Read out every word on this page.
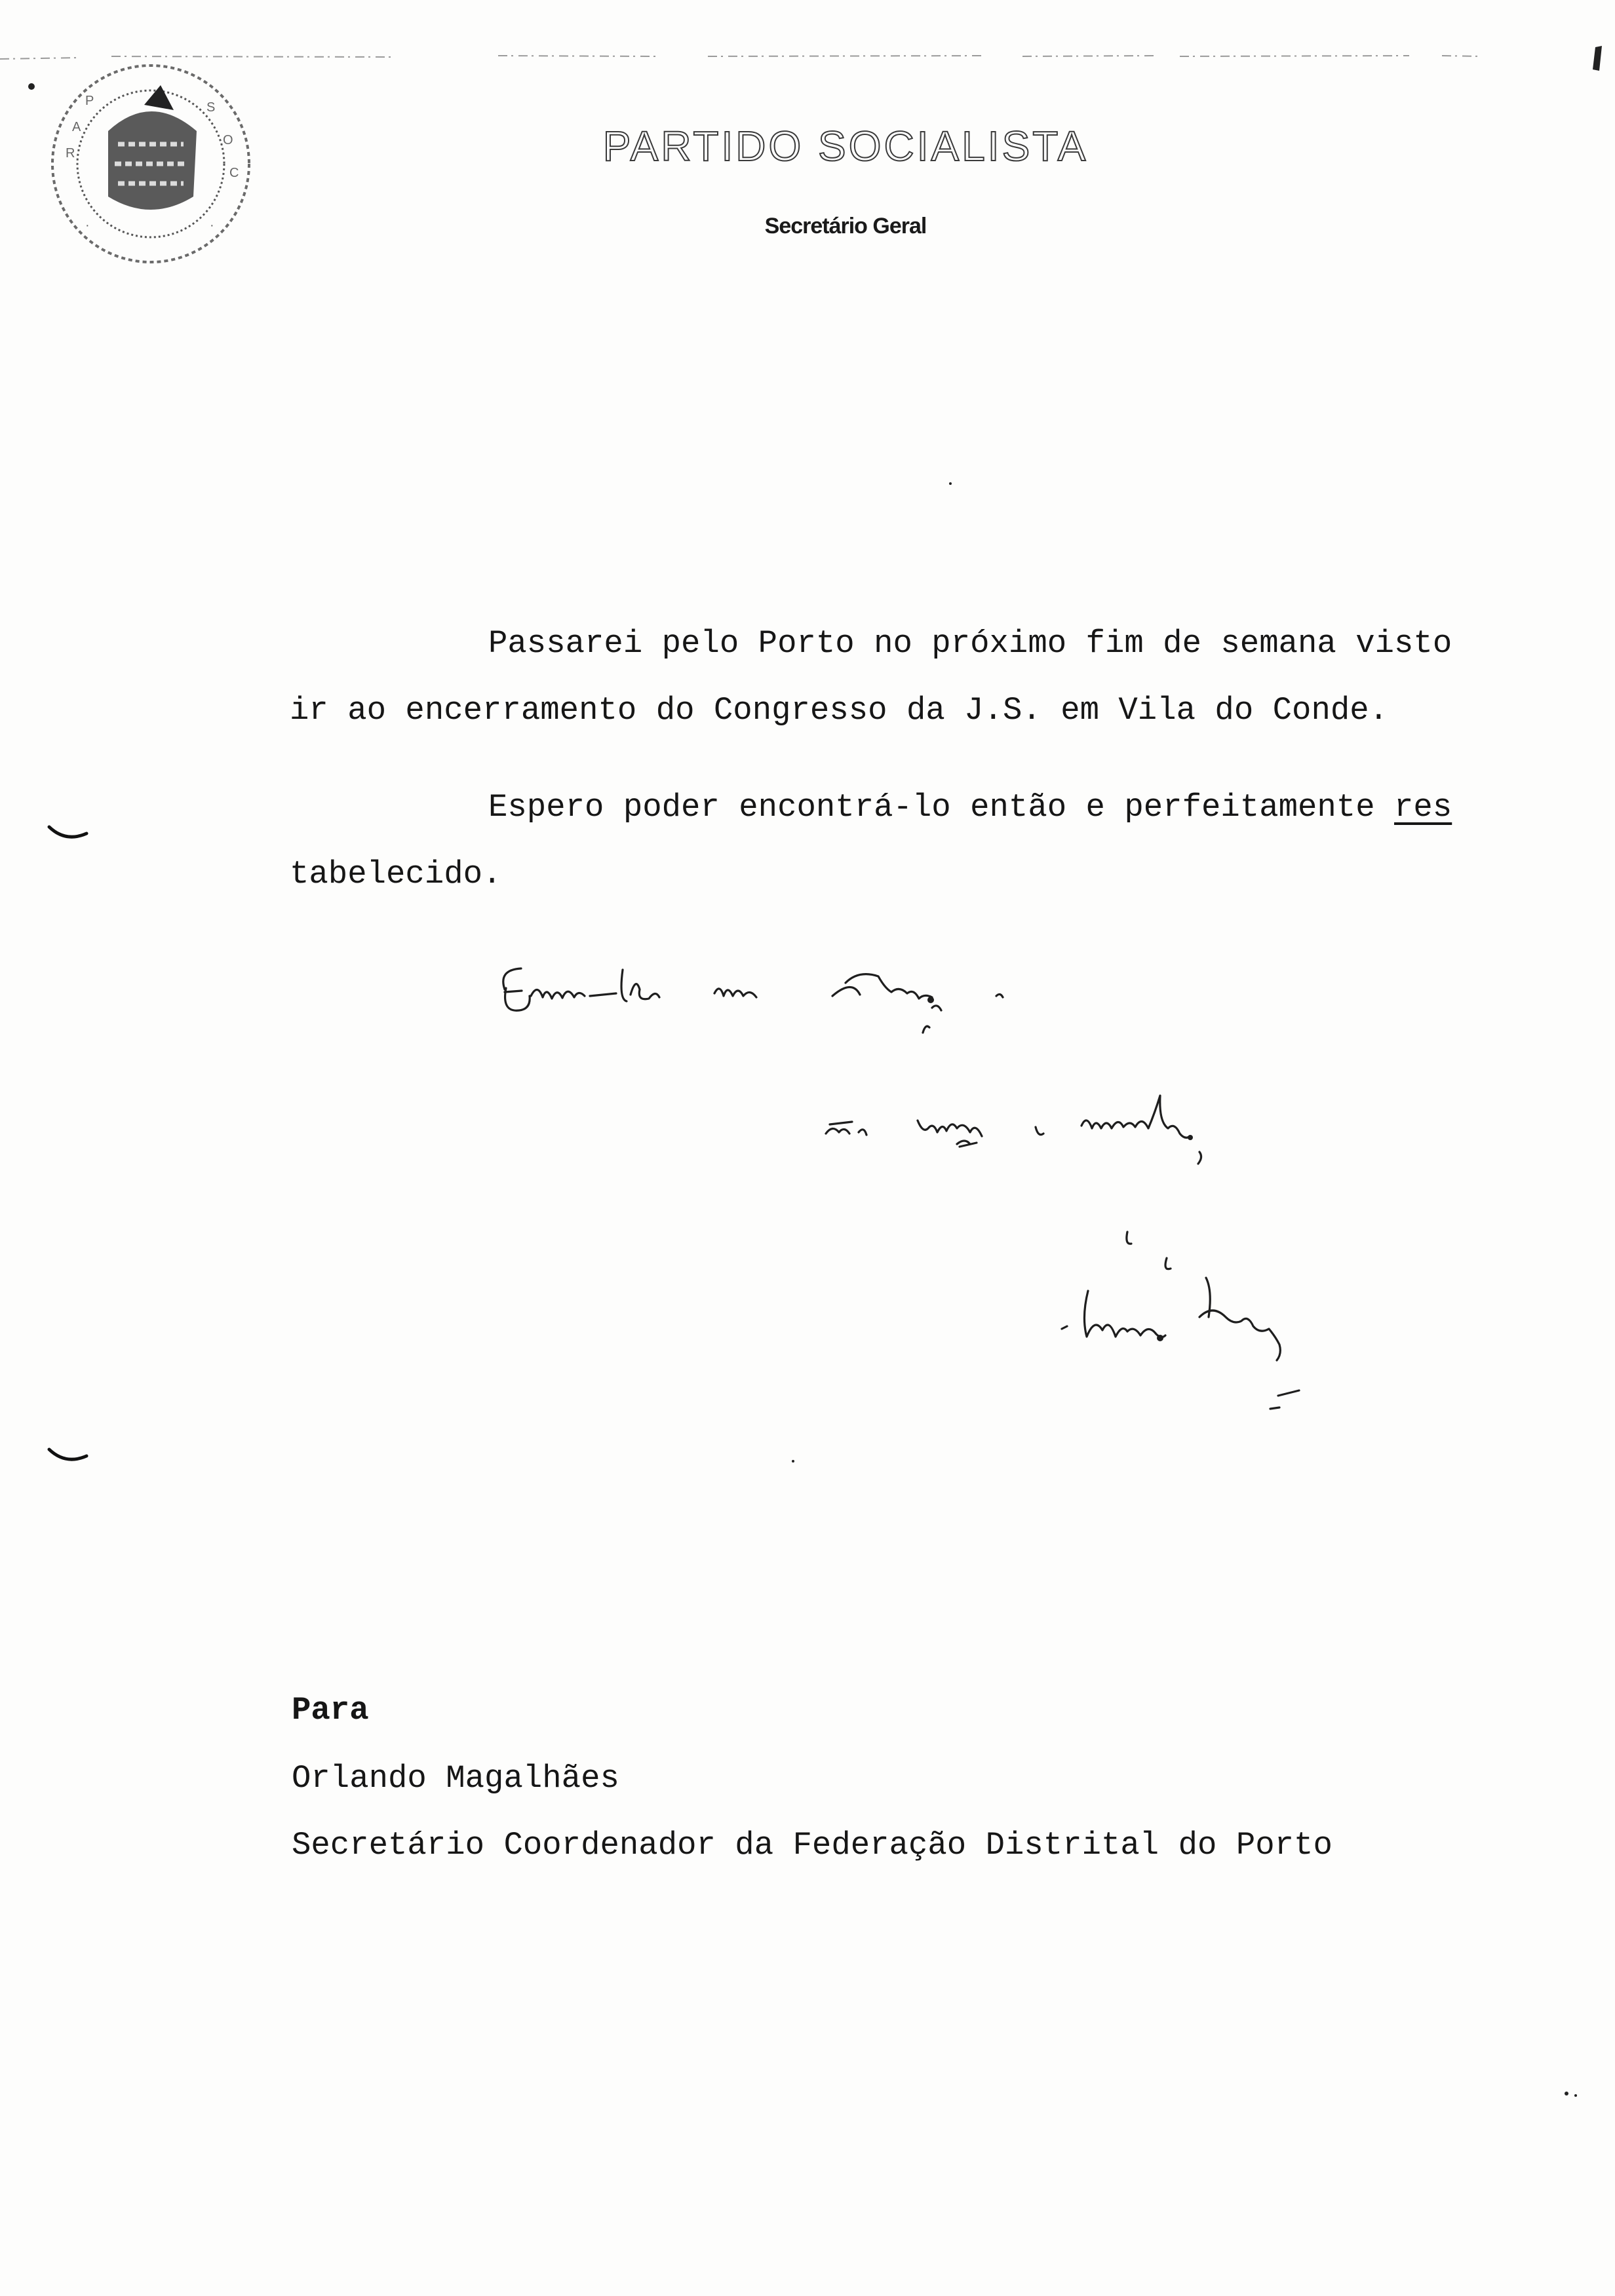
P
A
R
S
O
C
·	·
PARTIDO SOCIALISTA
Secretário Geral
Passarei pelo Porto no próximo fim de semana visto
ir ao encerramento do Congresso da J.S. em Vila do Conde.
Espero poder encontrá-lo então e perfeitamente res
tabelecido.
Para
Orlando Magalhães
Secretário Coordenador da Federação Distrital do Porto
